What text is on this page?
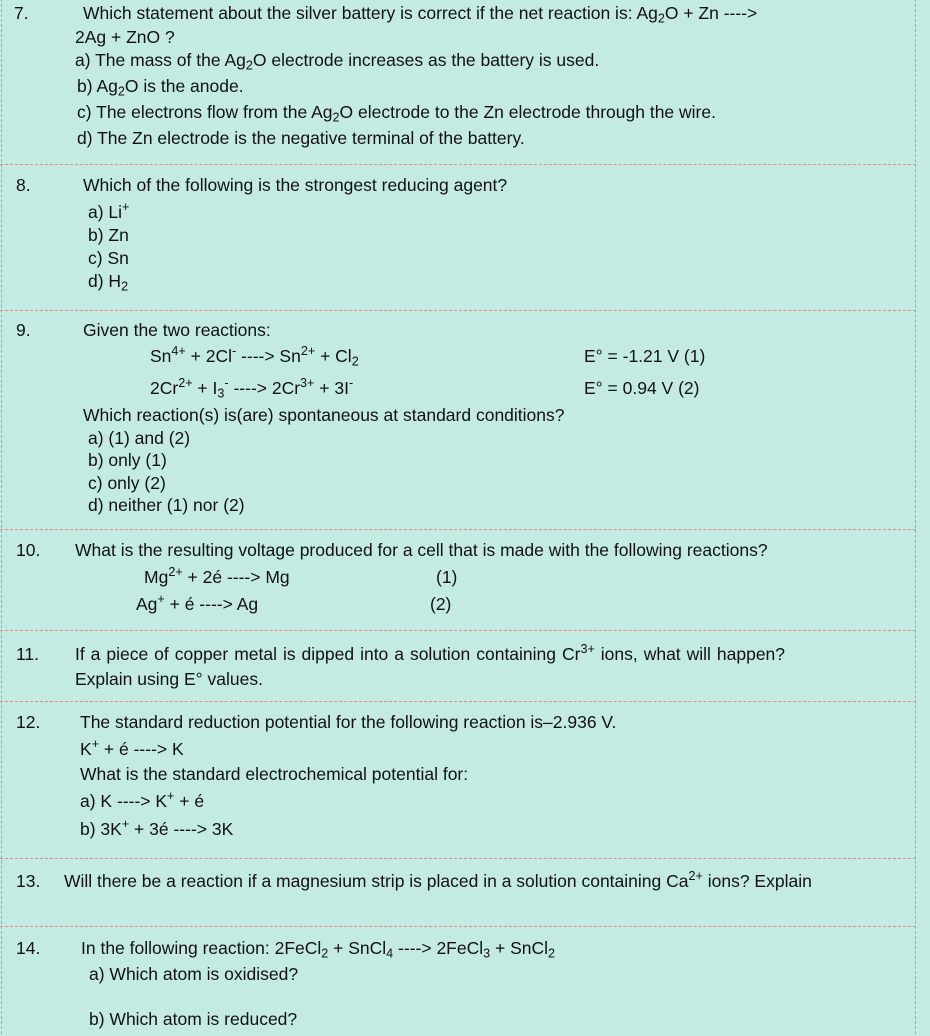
7.	Which statement about the silver battery is correct if the net reaction is: $Ag_2O + Zn$ ---->
2Ag + ZnO ?
a) The mass of the $Ag_2O$ electrode increases as the battery is used.
b) $Ag_2O$ is the anode.
c) The electrons flow from the $Ag_2O$ electrode to the Zn electrode through the wire.
d) The Zn electrode is the negative terminal of the battery.
8.	Which of the following is the strongest reducing agent?
a) Li+
b) Zn
c) Sn
d) $H_2$
9.	Given the two reactions:
$Sn^{4+} + 2Cl^-$ ----> $Sn^{2+} + Cl_2$	E° = -1.21 V (1)
$2Cr^{2+} + I_3^-$ ----> $2Cr^{3+} + 3I^-$	E° = 0.94 V (2)
Which reaction(s) is(are) spontaneous at standard conditions?
a) (1) and (2)
b) only (1)
c) only (2)
d) neither (1) nor (2)
10. What is the resulting voltage produced for a cell that is made with the following reactions?
$Mg^{2+}$ + 2é ----> Mg	(1)
Ag+ + é ----> Ag	(2)
11. If a piece of copper metal is dipped into a solution containing $Cr^{3+}$ ions, what will happen?
Explain using E° values.
12. The standard reduction potential for the following reaction is–2.936 V.
K+ + é ----> K
What is the standard electrochemical potential for:
a) K ----> K+ + é
b) 3K+ + 3é ----> 3K
13. Will there be a reaction if a magnesium strip is placed in a solution containing $Ca^{2+}$ ions? Explain
14. In the following reaction: 2FeCl$_2$ + SnCl$_4$ ----> 2FeCl$_3$ + SnCl$_2$
a) Which atom is oxidised?
b) Which atom is reduced?
